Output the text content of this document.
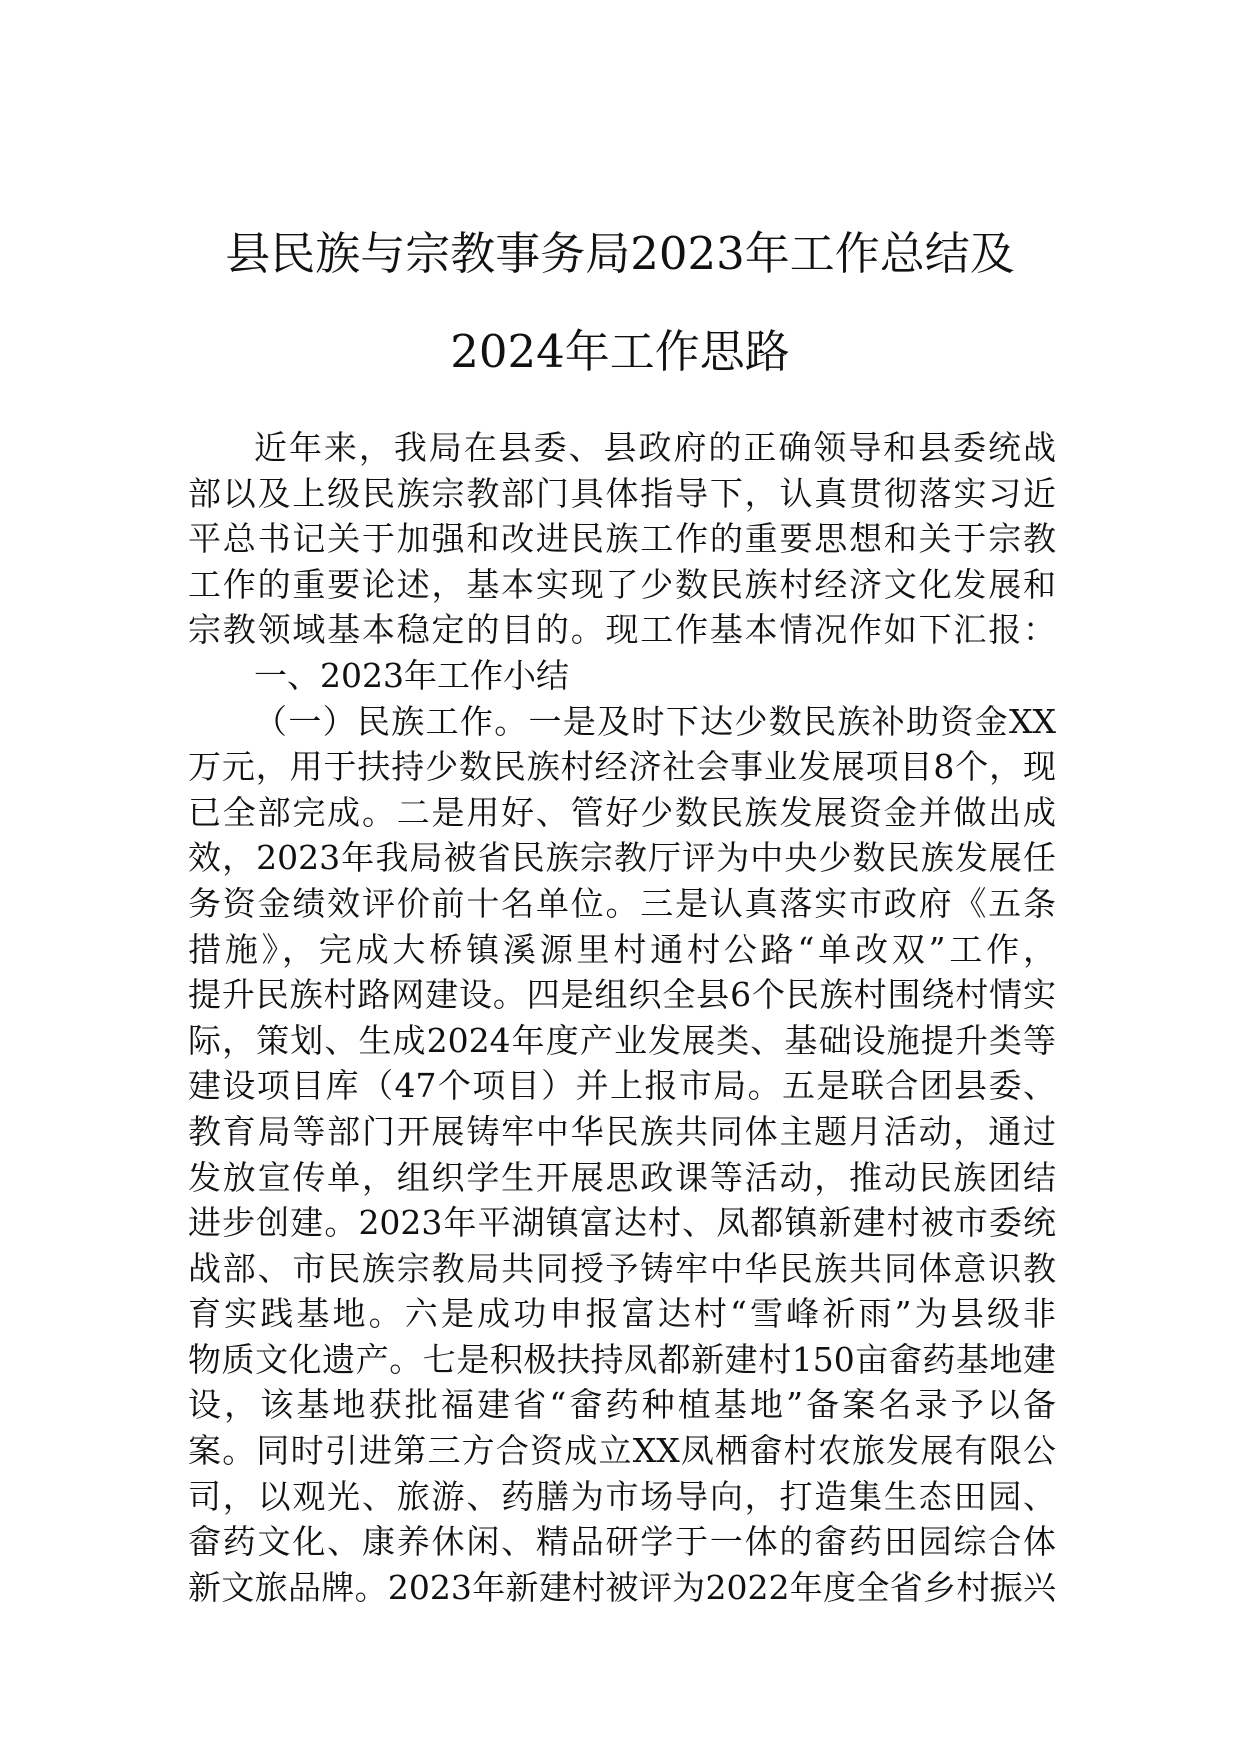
县民族与宗教事务局2023年工作总结及
2024年工作思路
近年来，我局在县委、县政府的正确领导和县委统战
部以及上级民族宗教部门具体指导下，认真贯彻落实习近
平总书记关于加强和改进民族工作的重要思想和关于宗教
工作的重要论述，基本实现了少数民族村经济文化发展和
宗教领域基本稳定的目的。现工作基本情况作如下汇报：
一、2023年工作小结
（一）民族工作。一是及时下达少数民族补助资金XX
万元，用于扶持少数民族村经济社会事业发展项目8个，现
已全部完成。二是用好、管好少数民族发展资金并做出成
效，2023年我局被省民族宗教厅评为中央少数民族发展任
务资金绩效评价前十名单位。三是认真落实市政府《五条
措施》，完成大桥镇溪源里村通村公路“单改双”工作，
提升民族村路网建设。四是组织全县6个民族村围绕村情实
际，策划、生成2024年度产业发展类、基础设施提升类等
建设项目库（47个项目）并上报市局。五是联合团县委、
教育局等部门开展铸牢中华民族共同体主题月活动，通过
发放宣传单，组织学生开展思政课等活动，推动民族团结
进步创建。2023年平湖镇富达村、凤都镇新建村被市委统
战部、市民族宗教局共同授予铸牢中华民族共同体意识教
育实践基地。六是成功申报富达村“雪峰祈雨”为县级非
物质文化遗产。七是积极扶持凤都新建村150亩畲药基地建
设，该基地获批福建省“畲药种植基地”备案名录予以备
案。同时引进第三方合资成立XX凤栖畲村农旅发展有限公
司，以观光、旅游、药膳为市场导向，打造集生态田园、
畲药文化、康养休闲、精品研学于一体的畲药田园综合体
新文旅品牌。2023年新建村被评为2022年度全省乡村振兴
